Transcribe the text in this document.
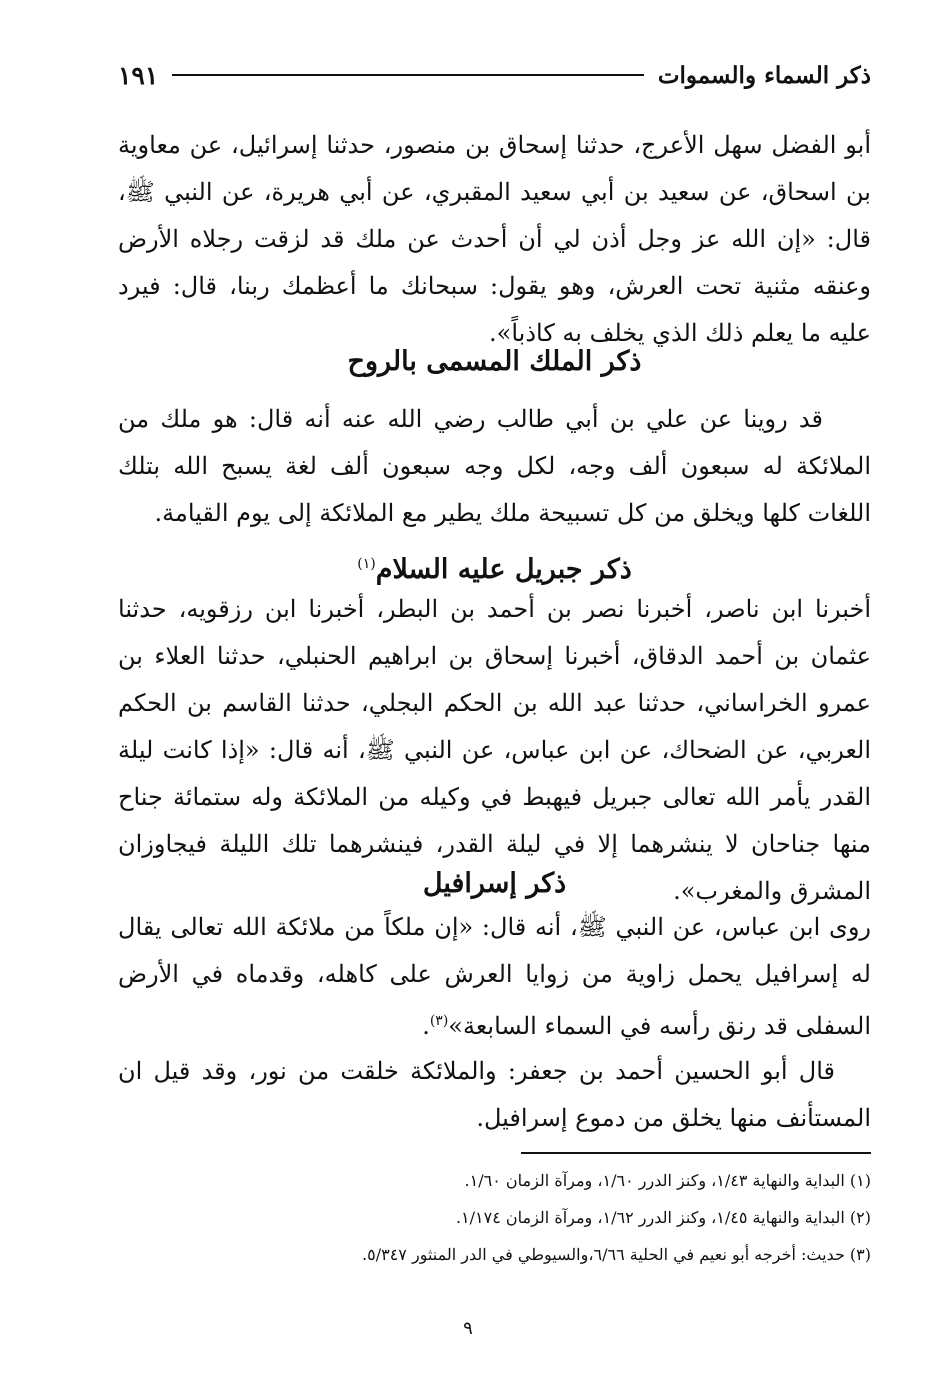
ذكر السماء والسموات
١٩١

أبو الفضل سهل الأعرج، حدثنا إسحاق بن منصور، حدثنا إسرائيل، عن معاوية بن اسحاق، عن سعيد بن أبي سعيد المقبري، عن أبي هريرة، عن النبي ﷺ، قال: «إن الله عز وجل أذن لي أن أحدث عن ملك قد لزقت رجلاه الأرض وعنقه مثنية تحت العرش، وهو يقول: سبحانك ما أعظمك ربنا، قال: فيرد عليه ما يعلم ذلك الذي يخلف به كاذباً».

ذكر الملك المسمى بالروح

قد روينا عن علي بن أبي طالب رضي الله عنه أنه قال: هو ملك من الملائكة له سبعون ألف وجه، لكل وجه سبعون ألف لغة يسبح الله بتلك اللغات كلها ويخلق من كل تسبيحة ملك يطير مع الملائكة إلى يوم القيامة.

ذكر جبريل عليه السلام$^{(١)}$

أخبرنا ابن ناصر، أخبرنا نصر بن أحمد بن البطر، أخبرنا ابن رزقويه، حدثنا عثمان بن أحمد الدقاق، أخبرنا إسحاق بن ابراهيم الحنبلي، حدثنا العلاء بن عمرو الخراساني، حدثنا عبد الله بن الحكم البجلي، حدثنا القاسم بن الحكم العربي، عن الضحاك، عن ابن عباس، عن النبي ﷺ، أنه قال: «إذا كانت ليلة القدر يأمر الله تعالى جبريل فيهبط في وكيله من الملائكة وله ستمائة جناح منها جناحان لا ينشرهما إلا في ليلة القدر، فينشرهما تلك الليلة فيجاوزان المشرق والمغرب».

ذكر إسرافيل

روى ابن عباس، عن النبي ﷺ، أنه قال: «إن ملكاً من ملائكة الله تعالى يقال له إسرافيل يحمل زاوية من زوايا العرش على كاهله، وقدماه في الأرض السفلى قد رنق رأسه في السماء السابعة»$^{(٣)}$.

قال أبو الحسين أحمد بن جعفر: والملائكة خلقت من نور، وقد قيل ان المستأنف منها يخلق من دموع إسرافيل.

(١) البداية والنهاية ١/٤٣، وكنز الدرر ١/٦٠، ومرآة الزمان ١/٦٠.

(٢) البداية والنهاية ١/٤٥، وكنز الدرر ١/٦٢، ومرآة الزمان ١/١٧٤.

(٣) حديث: أخرجه أبو نعيم في الحلية ٦/٦٦،والسيوطي في الدر المنثور ٥/٣٤٧.

٩
